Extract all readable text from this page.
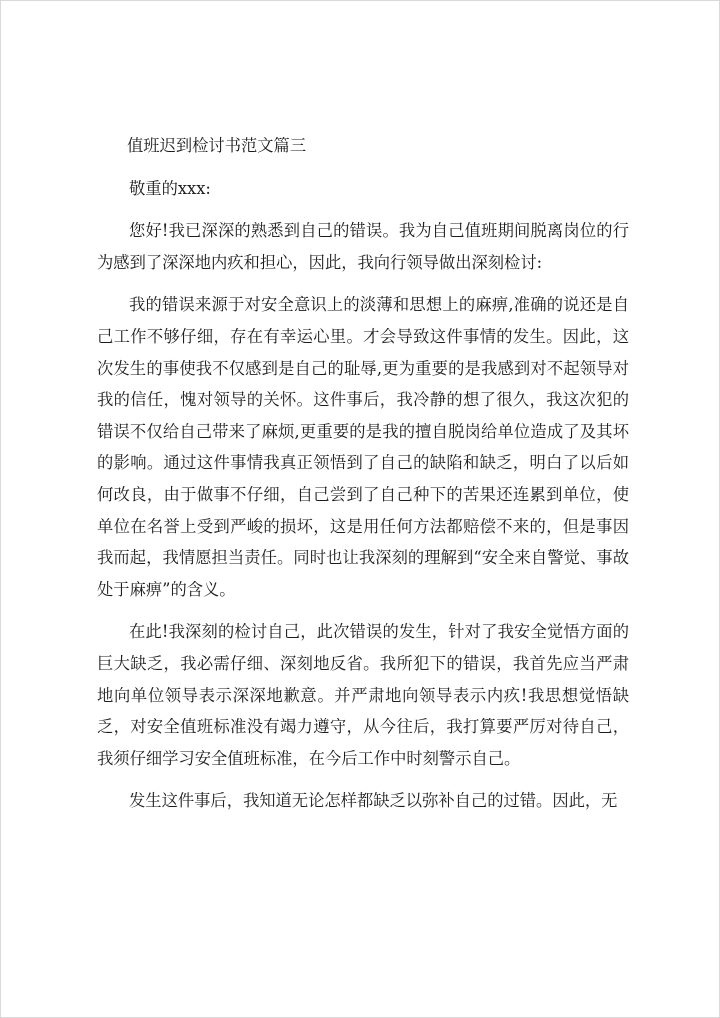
值班迟到检讨书范文篇三

敬重的xxx:

您好!我已深深的熟悉到自己的错误。我为自己值班期间脱离岗位的行为感到了深深地内疚和担心，因此，我向行领导做出深刻检讨:

我的错误来源于对安全意识上的淡薄和思想上的麻痹,准确的说还是自己工作不够仔细，存在有幸运心里。才会导致这件事情的发生。因此，这次发生的事使我不仅感到是自己的耻辱,更为重要的是我感到对不起领导对我的信任，愧对领导的关怀。这件事后，我冷静的想了很久，我这次犯的错误不仅给自己带来了麻烦,更重要的是我的擅自脱岗给单位造成了及其坏的影响。通过这件事情我真正领悟到了自己的缺陷和缺乏，明白了以后如何改良，由于做事不仔细，自己尝到了自己种下的苦果还连累到单位，使单位在名誉上受到严峻的损坏，这是用任何方法都赔偿不来的，但是事因我而起，我情愿担当责任。同时也让我深刻的理解到“安全来自警觉、事故处于麻痹”的含义。

在此!我深刻的检讨自己，此次错误的发生，针对了我安全觉悟方面的巨大缺乏，我必需仔细、深刻地反省。我所犯下的错误，我首先应当严肃地向单位领导表示深深地歉意。并严肃地向领导表示内疚!我思想觉悟缺乏，对安全值班标准没有竭力遵守，从今往后，我打算要严厉对待自己，我须仔细学习安全值班标准，在今后工作中时刻警示自己。

发生这件事后，我知道无论怎样都缺乏以弥补自己的过错。因此，无
